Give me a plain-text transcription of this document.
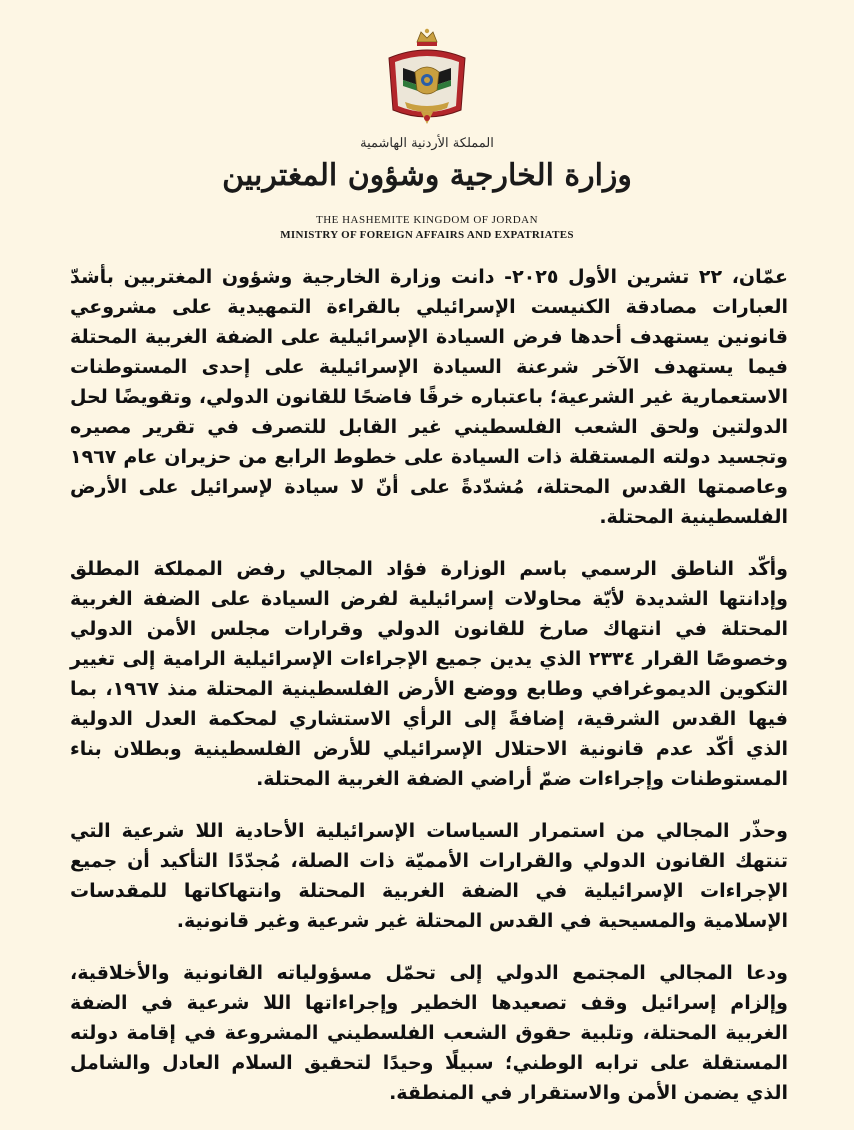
المملكة الأردنية الهاشمية
وزارة الخارجية وشؤون المغتربين
THE HASHEMITE KINGDOM OF JORDAN
MINISTRY OF FOREIGN AFFAIRS AND EXPATRIATES

عمّان، ٢٢ تشرين الأول ٢٠٢٥- دانت وزارة الخارجية وشؤون المغتربين بأشدّ العبارات مصادقة الكنيست الإسرائيلي بالقراءة التمهيدية على مشروعي قانونين يستهدف أحدها فرض السيادة الإسرائيلية على الضفة الغربية المحتلة فيما يستهدف الآخر شرعنة السيادة الإسرائيلية على إحدى المستوطنات الاستعمارية غير الشرعية؛ باعتباره خرقًا فاضحًا للقانون الدولي، وتقويضًا لحل الدولتين ولحق الشعب الفلسطيني غير القابل للتصرف في تقرير مصيره وتجسيد دولته المستقلة ذات السيادة على خطوط الرابع من حزيران عام ١٩٦٧ وعاصمتها القدس المحتلة، مُشدّدةً على أنّ لا سيادة لإسرائيل على الأرض الفلسطينية المحتلة.

وأكّد الناطق الرسمي باسم الوزارة فؤاد المجالي رفض المملكة المطلق وإدانتها الشديدة لأيّة محاولات إسرائيلية لفرض السيادة على الضفة الغربية المحتلة في انتهاك صارخ للقانون الدولي وقرارات مجلس الأمن الدولي وخصوصًا القرار ٢٣٣٤ الذي يدين جميع الإجراءات الإسرائيلية الرامية إلى تغيير التكوين الديموغرافي وطابع ووضع الأرض الفلسطينية المحتلة منذ ١٩٦٧، بما فيها القدس الشرقية، إضافةً إلى الرأي الاستشاري لمحكمة العدل الدولية الذي أكّد عدم قانونية الاحتلال الإسرائيلي للأرض الفلسطينية وبطلان بناء المستوطنات وإجراءات ضمّ أراضي الضفة الغربية المحتلة.

وحذّر المجالي من استمرار السياسات الإسرائيلية الأحادية اللا شرعية التي تنتهك القانون الدولي والقرارات الأمميّة ذات الصلة، مُجدّدًا التأكيد أن جميع الإجراءات الإسرائيلية في الضفة الغربية المحتلة وانتهاكاتها للمقدسات الإسلامية والمسيحية في القدس المحتلة غير شرعية وغير قانونية.

ودعا المجالي المجتمع الدولي إلى تحمّل مسؤولياته القانونية والأخلاقية، وإلزام إسرائيل وقف تصعيدها الخطير وإجراءاتها اللا شرعية في الضفة الغربية المحتلة، وتلبية حقوق الشعب الفلسطيني المشروعة في إقامة دولته المستقلة على ترابه الوطني؛ سبيلًا وحيدًا لتحقيق السلام العادل والشامل الذي يضمن الأمن والاستقرار في المنطقة.
